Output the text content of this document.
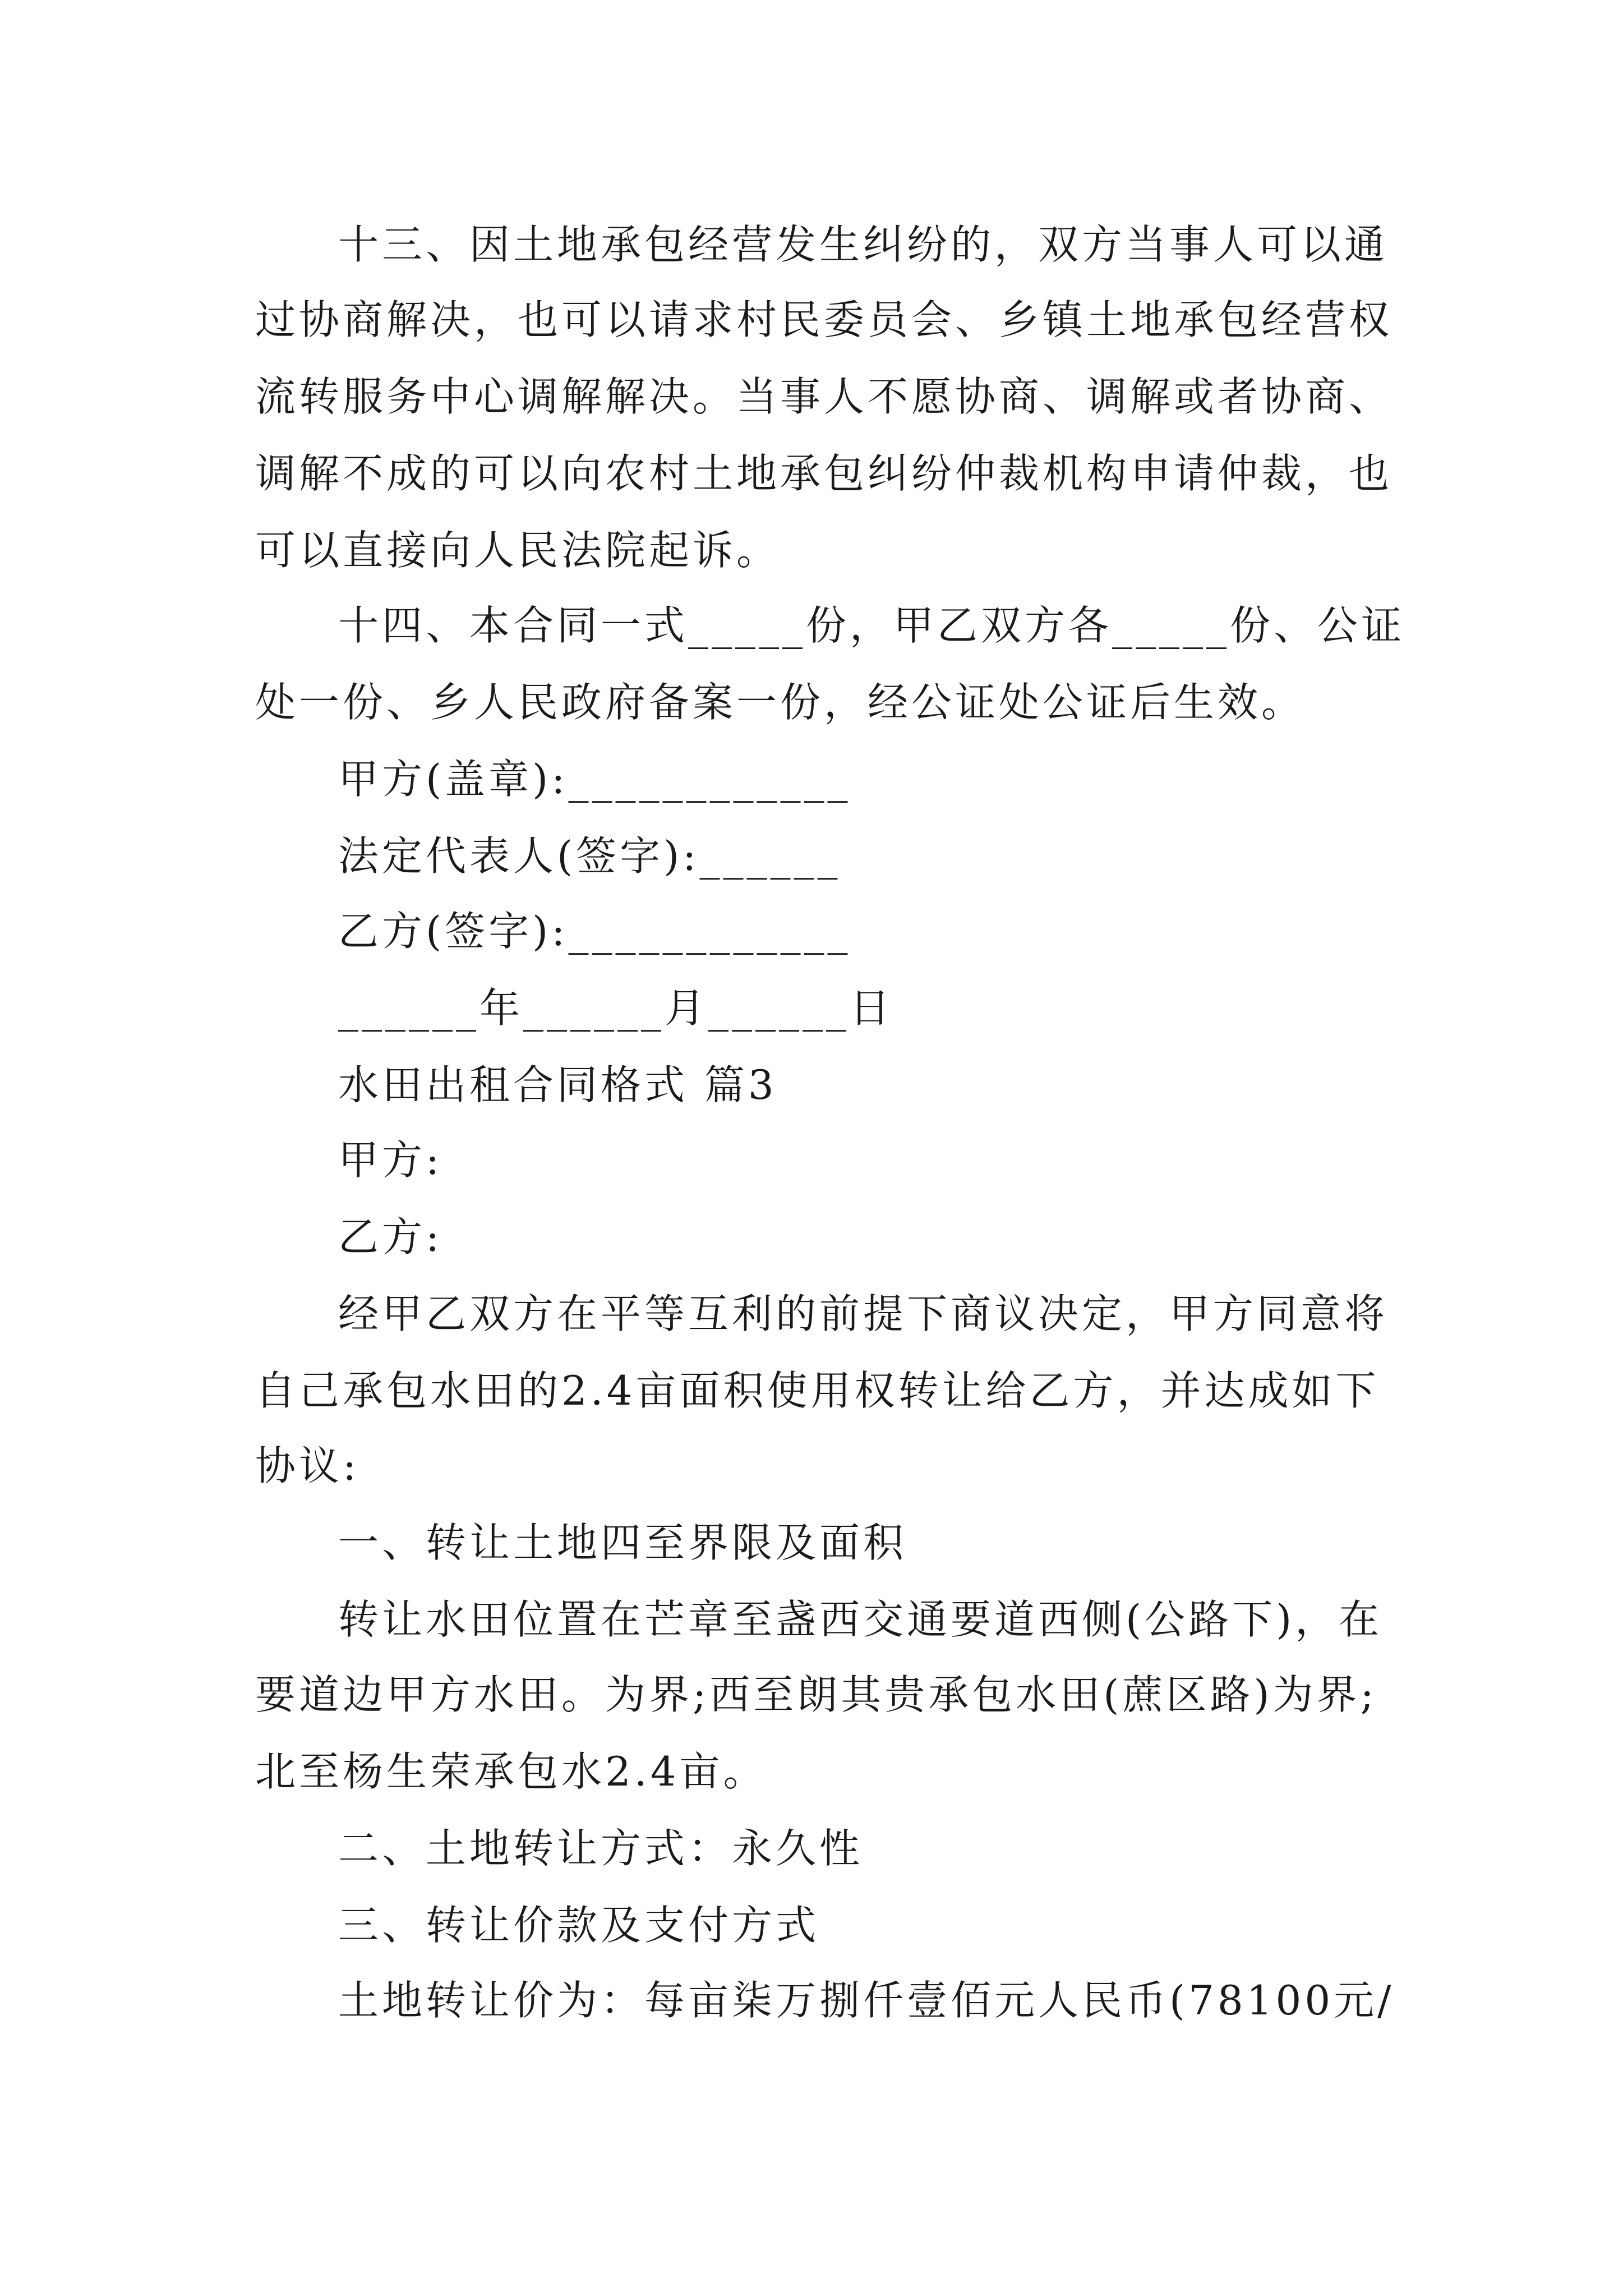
十三、因土地承包经营发生纠纷的，双方当事人可以通

过协商解决，也可以请求村民委员会、乡镇土地承包经营权

流转服务中心调解解决。当事人不愿协商、调解或者协商、

调解不成的可以向农村土地承包纠纷仲裁机构申请仲裁，也

可以直接向人民法院起诉。

十四、本合同一式_____份，甲乙双方各_____份、公证

处一份、乡人民政府备案一份，经公证处公证后生效。

甲方(盖章):____________

法定代表人(签字):______

乙方(签字):____________

______年______月______日

水田出租合同格式 篇3

甲方:

乙方:

经甲乙双方在平等互利的前提下商议决定，甲方同意将

自己承包水田的2.4亩面积使用权转让给乙方，并达成如下

协议:

一、转让土地四至界限及面积

转让水田位置在芒章至盏西交通要道西侧(公路下)，在

要道边甲方水田。为界;西至朗其贵承包水田(蔗区路)为界;

北至杨生荣承包水2.4亩。

二、土地转让方式：永久性

三、转让价款及支付方式

土地转让价为：每亩柒万捌仟壹佰元人民币(78100元/
